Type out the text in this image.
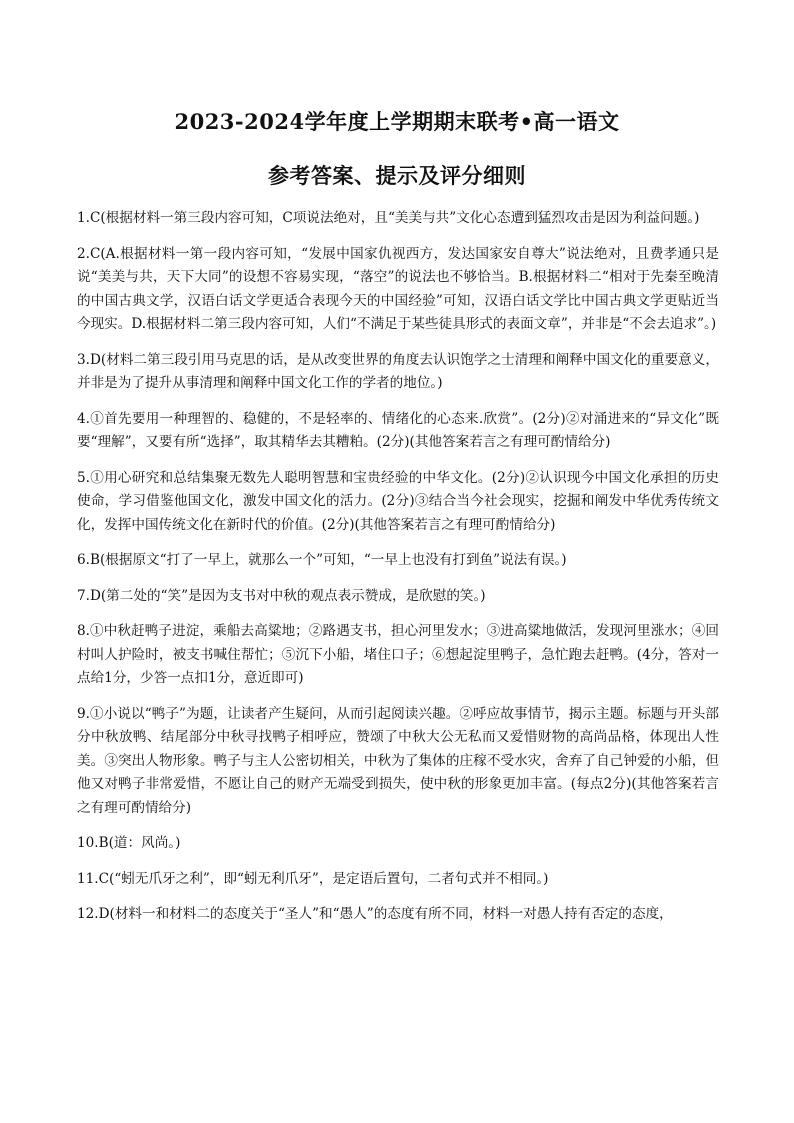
2023-2024学年度上学期期末联考•高一语文
参考答案、提示及评分细则

1.C(根据材料一第三段内容可知，C项说法绝对，且“美美与共”文化心态遭到猛烈攻击是因为利益问题。)

2.C(A.根据材料一第一段内容可知，“发展中国家仇视西方，发达国家安自尊大”说法绝对，且费孝通只是说“美美与共，天下大同”的设想不容易实现，“落空”的说法也不够恰当。B.根据材料二“相对于先秦至晚清的中国古典文学，汉语白话文学更适合表现今天的中国经验”可知，汉语白话文学比中国古典文学更贴近当今现实。D.根据材料二第三段内容可知，人们“不满足于某些徒具形式的表面文章”，并非是“不会去追求”。)

3.D(材料二第三段引用马克思的话，是从改变世界的角度去认识饱学之士清理和阐释中国文化的重要意义，并非是为了提升从事清理和阐释中国文化工作的学者的地位。)

4.①首先要用一种理智的、稳健的，不是轻率的、情绪化的心态来.欣赏”。(2分)②对涌进来的“异文化”既要“理解”，又要有所“选择”，取其精华去其糟粕。(2分)(其他答案若言之有理可酌情给分)

5.①用心研究和总结集聚无数先人聪明智慧和宝贵经验的中华文化。(2分)②认识现今中国文化承担的历史使命，学习借鉴他国文化，激发中国文化的活力。(2分)③结合当今社会现实，挖掘和阐发中华优秀传统文化，发挥中国传统文化在新时代的价值。(2分)(其他答案若言之有理可酌情给分)

6.B(根据原文“打了一早上，就那么一个”可知，“一早上也没有打到鱼”说法有误。)

7.D(第二处的“笑”是因为支书对中秋的观点表示赞成，是欣慰的笑。)

8.①中秋赶鸭子进淀，乘船去高粱地；②路遇支书，担心河里发水；③进高粱地做活，发现河里涨水；④回村叫人护险时，被支书喊住帮忙；⑤沉下小船，堵住口子；⑥想起淀里鸭子，急忙跑去赶鸭。(4分，答对一点给1分，少答一点扣1分，意近即可)

9.①小说以“鸭子”为题，让读者产生疑问，从而引起阅读兴趣。②呼应故事情节，揭示主题。标题与开头部分中秋放鸭、结尾部分中秋寻找鸭子相呼应，赞颂了中秋大公无私而又爱惜财物的高尚品格，体现出人性美。③突出人物形象。鸭子与主人公密切相关，中秋为了集体的庄稼不受水灾，舍弃了自己钟爱的小船，但他又对鸭子非常爱惜，不愿让自己的财产无端受到损失，使中秋的形象更加丰富。(每点2分)(其他答案若言之有理可酌情给分)

10.B(道：风尚。)

11.C(“蚓无爪牙之利”，即“蚓无利爪牙”，是定语后置句，二者句式并不相同。)

12.D(材料一和材料二的态度关于“圣人”和“愚人”的态度有所不同，材料一对愚人持有否定的态度，
